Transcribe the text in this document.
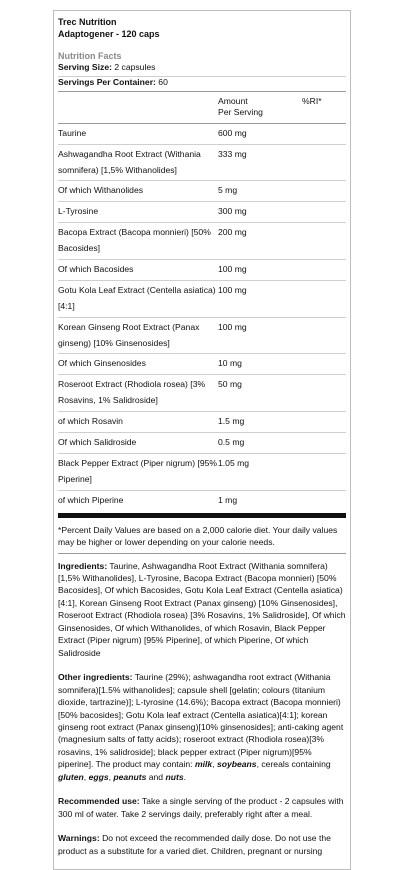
Trec Nutrition
Adaptogener - 120 caps
Nutrition Facts
Serving Size: 2 capsules
Servings Per Container: 60
	Amount
Per Serving	%RI*
Taurine	600 mg	
Ashwagandha Root Extract (Withania somnifera) [1,5% Withanolides]	333 mg	
Of which Withanolides	5 mg	
L-Tyrosine	300 mg	
Bacopa Extract (Bacopa monnieri) [50% Bacosides]	200 mg	
Of which Bacosides	100 mg	
Gotu Kola Leaf Extract (Centella asiatica) [4:1]	100 mg	
Korean Ginseng Root Extract (Panax ginseng) [10% Ginsenosides]	100 mg	
Of which Ginsenosides	10 mg	
Roseroot Extract (Rhodiola rosea) [3% Rosavins, 1% Salidroside]	50 mg	
of which Rosavin	1.5 mg	
Of which Salidroside	0.5 mg	
Black Pepper Extract (Piper nigrum) [95% Piperine]	1.05 mg	
of which Piperine	1 mg	
*Percent Daily Values are based on a 2,000 calorie diet. Your daily values may be higher or lower depending on your calorie needs.
Ingredients: Taurine, Ashwagandha Root Extract (Withania somnifera) [1,5% Withanolides], L-Tyrosine, Bacopa Extract (Bacopa monnieri) [50% Bacosides], Of which Bacosides, Gotu Kola Leaf Extract (Centella asiatica) [4:1], Korean Ginseng Root Extract (Panax ginseng) [10% Ginsenosides], Roseroot Extract (Rhodiola rosea) [3% Rosavins, 1% Salidroside], Of which Ginsenosides, Of which Withanolides, of which Rosavin, Black Pepper Extract (Piper nigrum) [95% Piperine], of which Piperine, Of which Salidroside
Other ingredients: Taurine (29%); ashwagandha root extract (Withania somnifera)[1.5% withanolides]; capsule shell [gelatin; colours (titanium dioxide, tartrazine)]; L-tyrosine (14.6%); Bacopa extract (Bacopa monnieri)[50% bacosides]; Gotu Kola leaf extract (Centella asiatica)[4:1]; korean ginseng root extract (Panax ginseng)[10% ginsenosides]; anti-caking agent (magnesium salts of fatty acids); roseroot extract (Rhodiola rosea)[3% rosavins, 1% salidroside]; black pepper extract (Piper nigrum)[95% piperine]. The product may contain: milk, soybeans, cereals containing gluten, eggs, peanuts and nuts.
Recommended use: Take a single serving of the product - 2 capsules with 300 ml of water. Take 2 servings daily, preferably right after a meal.
Warnings: Do not exceed the recommended daily dose. Do not use the product as a substitute for a varied diet. Children, pregnant or nursing
